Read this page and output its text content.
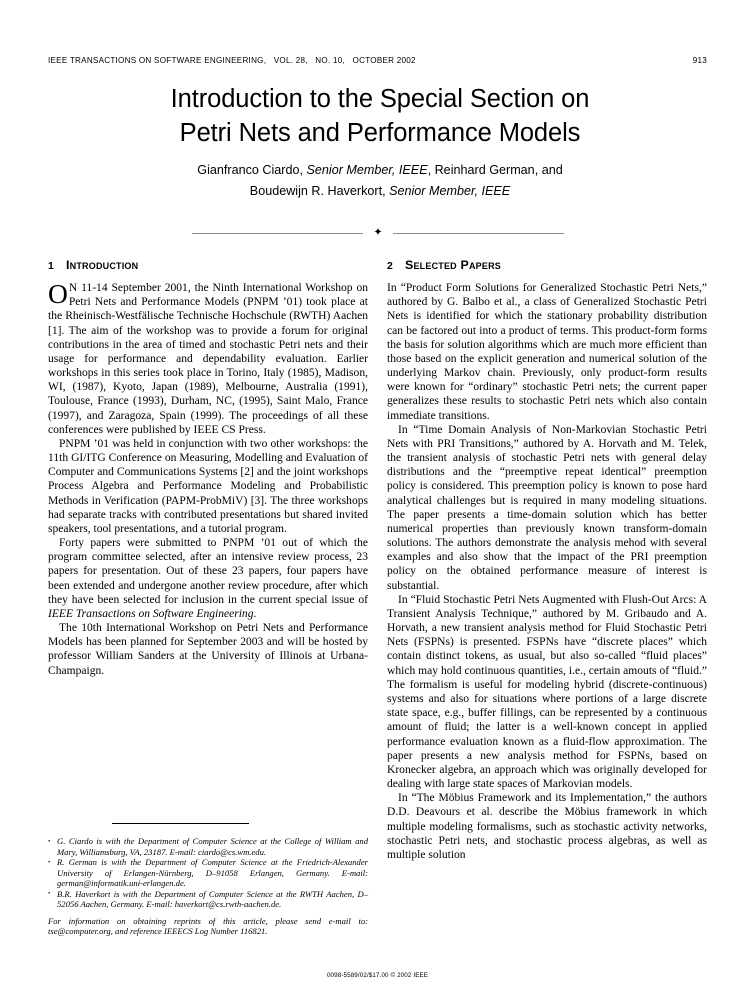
IEEE TRANSACTIONS ON SOFTWARE ENGINEERING,   VOL. 28,   NO. 10,   OCTOBER 2002	913
Introduction to the Special Section on
Petri Nets and Performance Models
Gianfranco Ciardo, Senior Member, IEEE, Reinhard German, and
Boudewijn R. Haverkort, Senior Member, IEEE
✦
1 Introduction

O N 11-14 September 2001, the Ninth International Workshop on Petri Nets and Performance Models (PNPM ’01) took place at the Rheinisch-Westfälische Technische Hochschule (RWTH) Aachen [1]. The aim of the workshop was to provide a forum for original contributions in the area of timed and stochastic Petri nets and their usage for performance and dependability evaluation. Earlier workshops in this series took place in Torino, Italy (1985), Madison, WI, (1987), Kyoto, Japan (1989), Melbourne, Australia (1991), Toulouse, France (1993), Durham, NC, (1995), Saint Malo, France (1997), and Zaragoza, Spain (1999). The proceedings of all these conferences were published by IEEE CS Press.

PNPM ’01 was held in conjunction with two other workshops: the 11th GI/ITG Conference on Measuring, Modelling and Evaluation of Computer and Communications Systems [2] and the joint workshops Process Algebra and Performance Modeling and Probabilistic Methods in Verification (PAPM-ProbMiV) [3]. The three workshops had separate tracks with contributed presentations but shared invited speakers, tool presentations, and a tutorial program.

Forty papers were submitted to PNPM ’01 out of which the program committee selected, after an intensive review process, 23 papers for presentation. Out of these 23 papers, four papers have been extended and undergone another review procedure, after which they have been selected for inclusion in the current special issue of IEEE Transactions on Software Engineering.

The 10th International Workshop on Petri Nets and Performance Models has been planned for September 2003 and will be hosted by professor William Sanders at the University of Illinois at Urbana-Champaign.

2 Selected Papers

In “Product Form Solutions for Generalized Stochastic Petri Nets,” authored by G. Balbo et al., a class of Generalized Stochastic Petri Nets is identified for which the stationary probability distribution can be factored out into a product of terms. This product-form forms the basis for solution algorithms which are much more efficient than those based on the explicit generation and numerical solution of the underlying Markov chain. Previously, only product-form results were known for “ordinary” stochastic Petri nets; the current paper generalizes these results to stochastic Petri nets which also contain immediate transitions.

In “Time Domain Analysis of Non-Markovian Stochastic Petri Nets with PRI Transitions,” authored by A. Horvath and M. Telek, the transient analysis of stochastic Petri nets with general delay distributions and the “preemptive repeat identical” preemption policy is considered. This preemption policy is known to pose hard analytical challenges but is required in many modeling situations. The paper presents a time-domain solution which has better numerical properties than previously known transform-domain solutions. The authors demonstrate the analysis mehod with several examples and also show that the impact of the PRI preemption policy on the obtained performance measure of interest is substantial.

In “Fluid Stochastic Petri Nets Augmented with Flush-Out Arcs: A Transient Analysis Technique,” authored by M. Gribaudo and A. Horvath, a new transient analysis method for Fluid Stochastic Petri Nets (FSPNs) is presented. FSPNs have “discrete places” which contain distinct tokens, as usual, but also so-called “fluid places” which may hold continuous quantities, i.e., certain amouts of “fluid.” The formalism is useful for modeling hybrid (discrete-continuous) systems and also for situations where portions of a large discrete state space, e.g., buffer fillings, can be represented by a continuous amount of fluid; the latter is a well-known concept in applied performance evaluation known as a fluid-flow approximation. The paper presents a new analysis method for FSPNs, based on Kronecker algebra, an approach which was originally developed for dealing with large state spaces of Markovian models.

In “The Möbius Framework and its Implementation,” the authors D.D. Deavours et al. describe the Möbius framework in which multiple modeling formalisms, such as stochastic activity networks, stochastic Petri nets, and stochastic process algebras, as well as multiple solution

• G. Ciardo is with the Department of Computer Science at the College of William and Mary, Williamsburg, VA, 23187. E-mail: ciardo@cs.wm.edu.
• R. German is with the Department of Computer Science at the Friedrich-Alexander University of Erlangen-Nürnberg, D–91058 Erlangen, Germany. E-mail: german@informatik.uni-erlangen.de.
• B.R. Haverkort is with the Department of Computer Science at the RWTH Aachen, D–52056 Aachen, Germany. E-mail: haverkort@cs.rwth-aachen.de.
For information on obtaining reprints of this article, please send e-mail to: tse@computer.org, and reference IEEECS Log Number 116821.
0098-5589/02/$17.00 © 2002 IEEE
